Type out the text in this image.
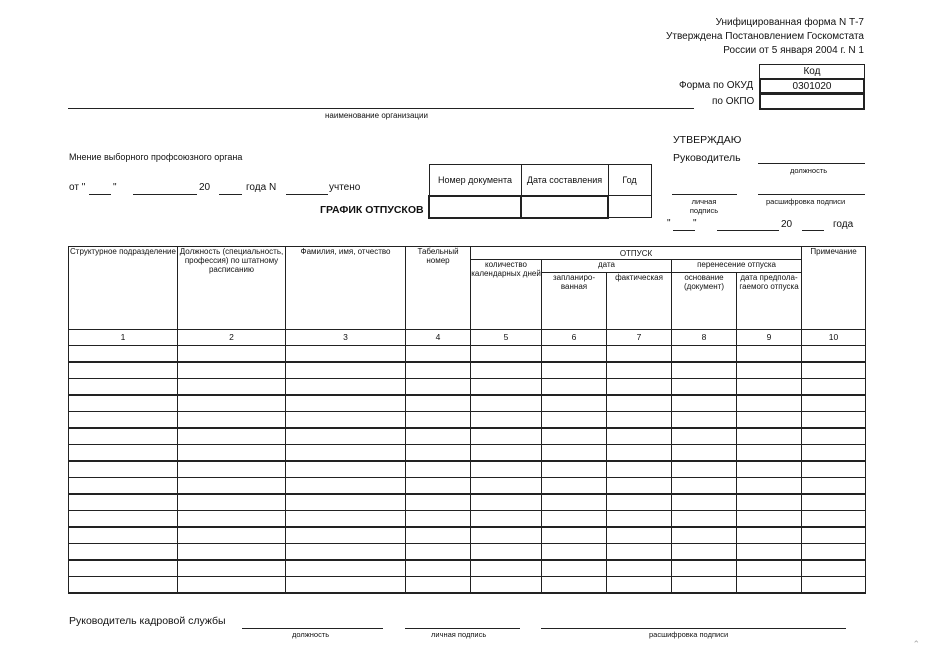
Унифицированная форма N Т-7
Утверждена Постановлением Госкомстата
России от 5 января 2004 г. N 1
Код
0301020
Форма по ОКУД
по ОКПО
наименование организации
УТВЕРЖДАЮ
Руководитель
должность
личная подпись
расшифровка подписи
" "	20	года
Мнение выборного профсоюзного органа
от "	"	20	года N	учтено
Номер документа	Дата составления	Год

ГРАФИК ОТПУСКОВ
Структурное подразделение	Должность (специальность, профессия) по штатному расписанию	Фамилия, имя, отчество	Табельный номер	ОТПУСК					Примечание
				количество календарных дней	дата		перенесение отпуска		
					запланиро-ванная	фактическая	основание (документ)	дата предпола-гаемого отпуска	
1	2	3	4	5	6	7	8	9	10

Руководитель кадровой службы
должность	личная подпись	расшифровка подписи
⌃
